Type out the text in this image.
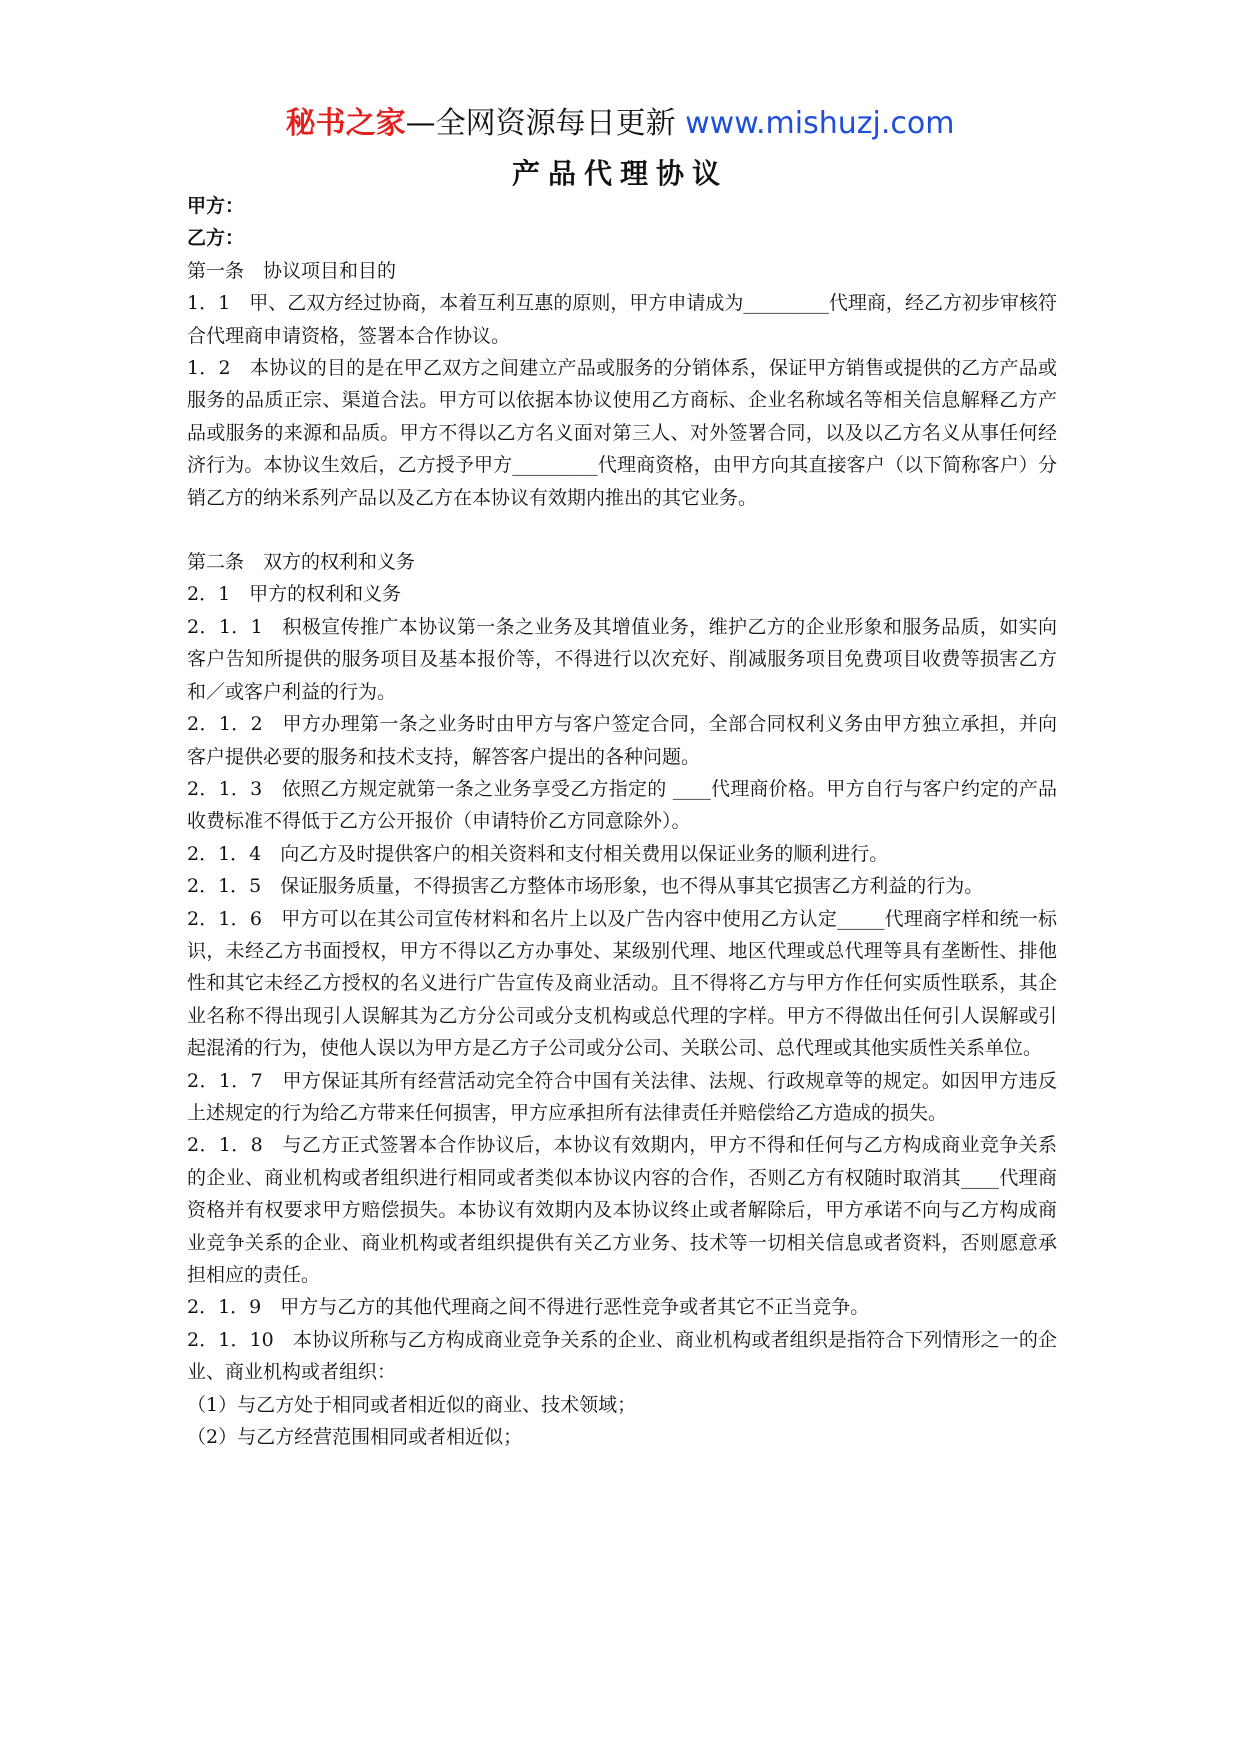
秘书之家—全网资源每日更新 www.mishuzj.com
产品代理协议

甲方：

乙方：

第一条　协议项目和目的

1．1　甲、乙双方经过协商，本着互利互惠的原则，甲方申请成为_________代理商，经乙方初步审核符合代理商申请资格，签署本合作协议。

1．2　本协议的目的是在甲乙双方之间建立产品或服务的分销体系，保证甲方销售或提供的乙方产品或服务的品质正宗、渠道合法。甲方可以依据本协议使用乙方商标、企业名称域名等相关信息解释乙方产品或服务的来源和品质。甲方不得以乙方名义面对第三人、对外签署合同，以及以乙方名义从事任何经济行为。本协议生效后，乙方授予甲方_________代理商资格，由甲方向其直接客户（以下简称客户）分销乙方的纳米系列产品以及乙方在本协议有效期内推出的其它业务。

第二条　双方的权利和义务

2．1　甲方的权利和义务

2．1．1　积极宣传推广本协议第一条之业务及其增值业务，维护乙方的企业形象和服务品质，如实向客户告知所提供的服务项目及基本报价等，不得进行以次充好、削减服务项目免费项目收费等损害乙方和／或客户利益的行为。

2．1．2　甲方办理第一条之业务时由甲方与客户签定合同，全部合同权利义务由甲方独立承担，并向客户提供必要的服务和技术支持，解答客户提出的各种问题。

2．1．3　依照乙方规定就第一条之业务享受乙方指定的 ____代理商价格。甲方自行与客户约定的产品收费标准不得低于乙方公开报价（申请特价乙方同意除外）。

2．1．4　向乙方及时提供客户的相关资料和支付相关费用以保证业务的顺利进行。

2．1．5　保证服务质量，不得损害乙方整体市场形象，也不得从事其它损害乙方利益的行为。

2．1．6　甲方可以在其公司宣传材料和名片上以及广告内容中使用乙方认定_____代理商字样和统一标识，未经乙方书面授权，甲方不得以乙方办事处、某级别代理、地区代理或总代理等具有垄断性、排他性和其它未经乙方授权的名义进行广告宣传及商业活动。且不得将乙方与甲方作任何实质性联系，其企业名称不得出现引人误解其为乙方分公司或分支机构或总代理的字样。甲方不得做出任何引人误解或引起混淆的行为，使他人误以为甲方是乙方子公司或分公司、关联公司、总代理或其他实质性关系单位。

2．1．7　甲方保证其所有经营活动完全符合中国有关法律、法规、行政规章等的规定。如因甲方违反上述规定的行为给乙方带来任何损害，甲方应承担所有法律责任并赔偿给乙方造成的损失。

2．1．8　与乙方正式签署本合作协议后，本协议有效期内，甲方不得和任何与乙方构成商业竞争关系的企业、商业机构或者组织进行相同或者类似本协议内容的合作，否则乙方有权随时取消其____代理商资格并有权要求甲方赔偿损失。本协议有效期内及本协议终止或者解除后，甲方承诺不向与乙方构成商业竞争关系的企业、商业机构或者组织提供有关乙方业务、技术等一切相关信息或者资料，否则愿意承担相应的责任。

2．1．9　甲方与乙方的其他代理商之间不得进行恶性竞争或者其它不正当竞争。

2．1．10　本协议所称与乙方构成商业竞争关系的企业、商业机构或者组织是指符合下列情形之一的企业、商业机构或者组织：

（1）与乙方处于相同或者相近似的商业、技术领域；

（2）与乙方经营范围相同或者相近似；
